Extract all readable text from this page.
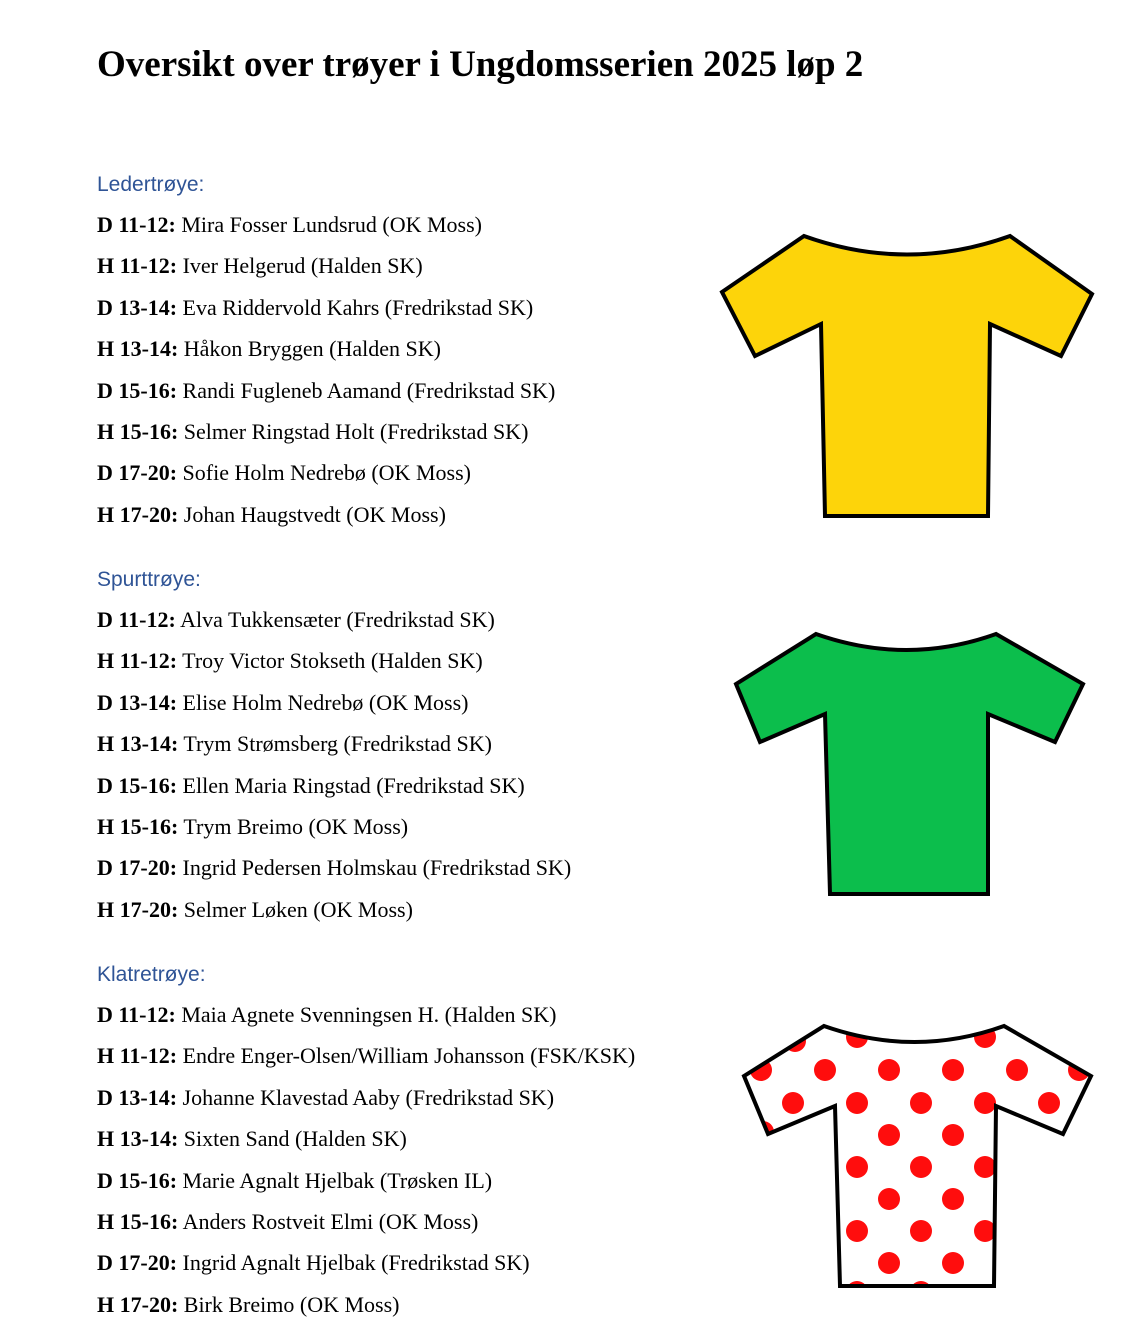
Oversikt over trøyer i Ungdomsserien 2025 løp 2
Ledertrøye:
D 11-12: Mira Fosser Lundsrud (OK Moss)
H 11-12: Iver Helgerud (Halden SK)
D 13-14: Eva Riddervold Kahrs (Fredrikstad SK)
H 13-14: Håkon Bryggen (Halden SK)
D 15-16: Randi Fugleneb Aamand (Fredrikstad SK)
H 15-16: Selmer Ringstad Holt (Fredrikstad SK)
D 17-20: Sofie Holm Nedrebø (OK Moss)
H 17-20: Johan Haugstvedt (OK Moss)
Spurttrøye:
D 11-12: Alva Tukkensæter (Fredrikstad SK)
H 11-12: Troy Victor Stokseth (Halden SK)
D 13-14: Elise Holm Nedrebø (OK Moss)
H 13-14: Trym Strømsberg (Fredrikstad SK)
D 15-16: Ellen Maria Ringstad (Fredrikstad SK)
H 15-16: Trym Breimo (OK Moss)
D 17-20: Ingrid Pedersen Holmskau (Fredrikstad SK)
H 17-20: Selmer Løken (OK Moss)
Klatretrøye:
D 11-12: Maia Agnete Svenningsen H. (Halden SK)
H 11-12: Endre Enger-Olsen/William Johansson (FSK/KSK)
D 13-14: Johanne Klavestad Aaby (Fredrikstad SK)
H 13-14: Sixten Sand (Halden SK)
D 15-16: Marie Agnalt Hjelbak (Trøsken IL)
H 15-16: Anders Rostveit Elmi (OK Moss)
D 17-20: Ingrid Agnalt Hjelbak (Fredrikstad SK)
H 17-20: Birk Breimo (OK Moss)
